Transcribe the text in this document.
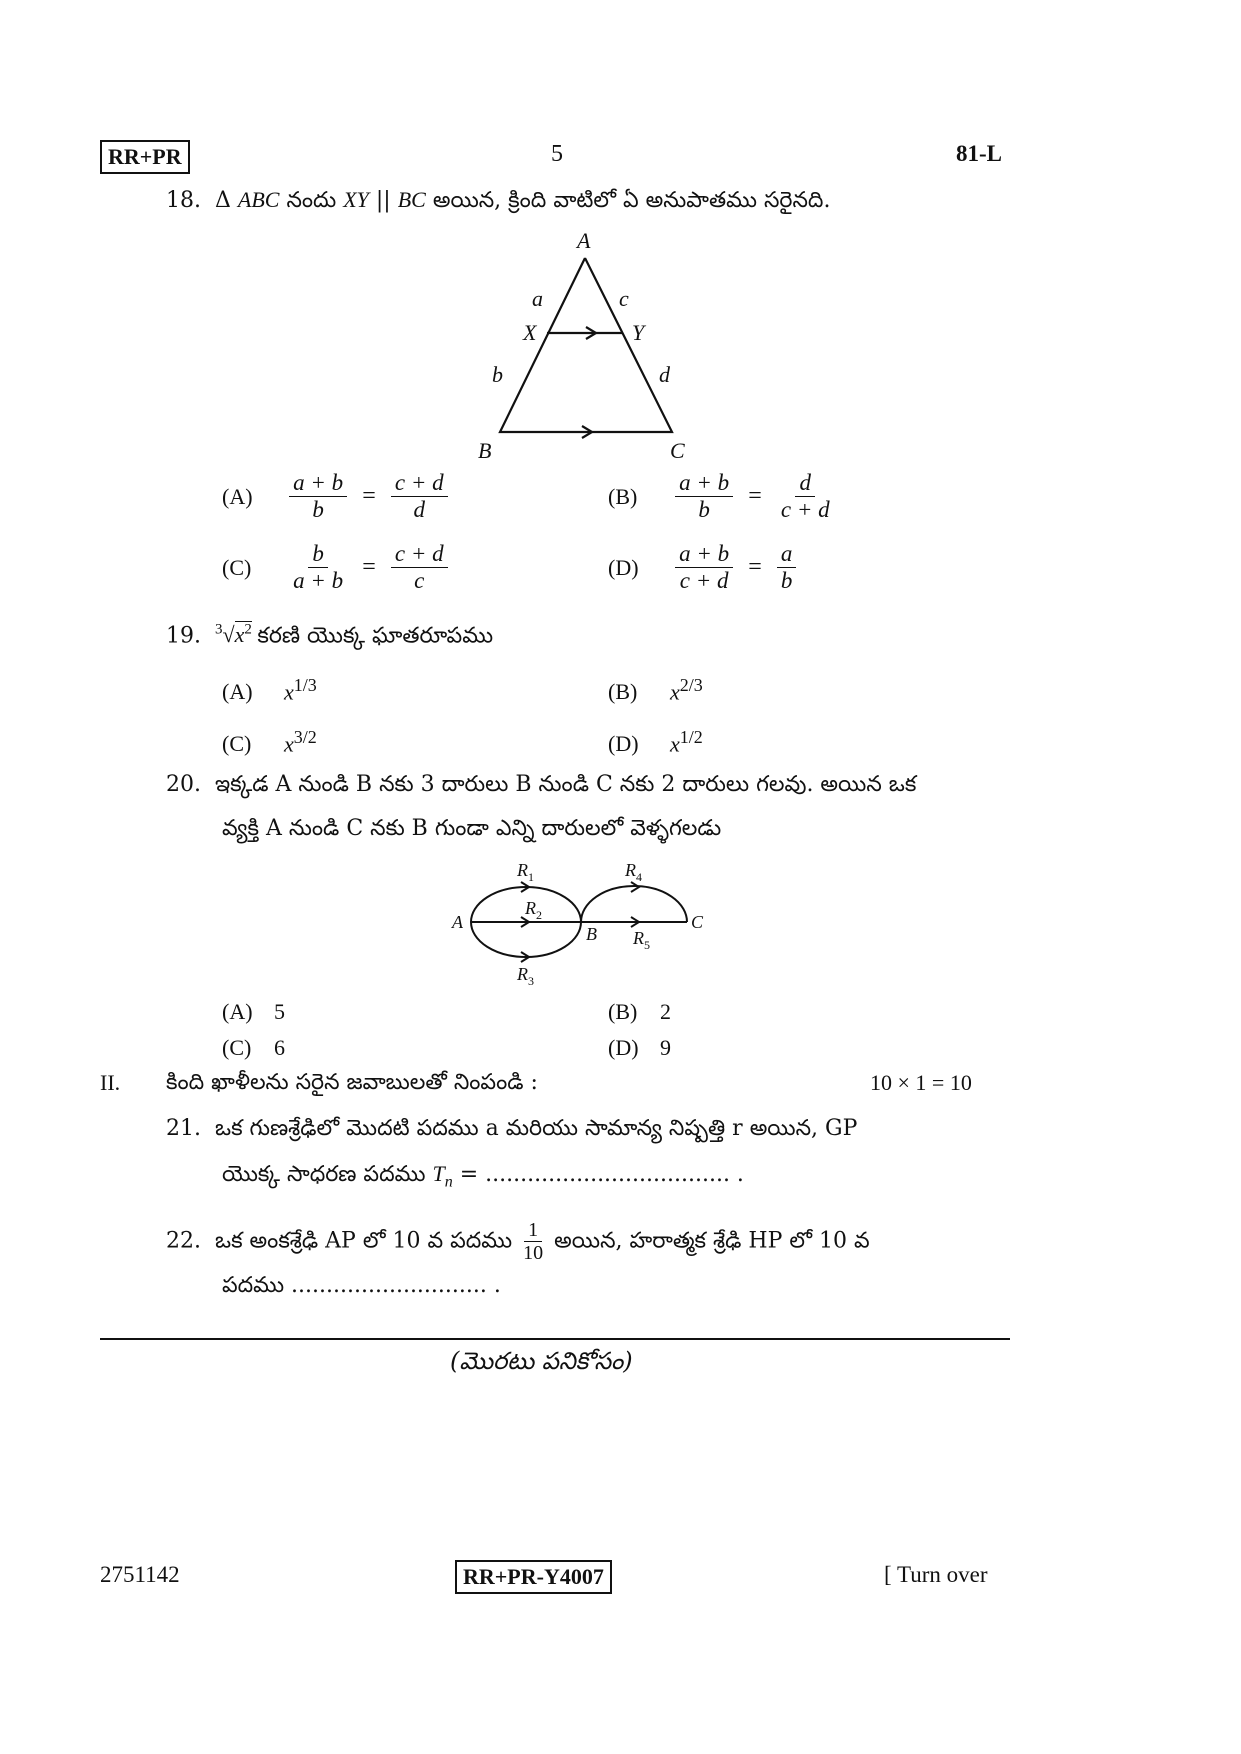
RR+PR	5	81-L
18. Δ ABC నందు XY || BC అయిన, క్రింది వాటిలో ఏ అనుపాతము సరైనది.
A
B	C
X	Y
a
b
c
d
$(A) \frac{a + b}{b} = \frac{c + d}{d}$	$(B) \frac{a + b}{b} = \frac{d}{c + d}$
$(C) \frac{b}{a + b} = \frac{c + d}{c}$	$(D) \frac{a + b}{c + d} = \frac{a}{b}$
19. $^3√x^2$ కరణి యొక్క ఘాతరూపము
(A) $x^{1/3}$	(B) $x^{2/3}$
(C) $x^{3/2}$	(D) $x^{1/2}$
20. ఇక్కడ A నుండి B నకు 3 దారులు B నుండి C నకు 2 దారులు గలవు. అయిన ఒక
వ్యక్తి A నుండి C నకు B గుండా ఎన్ని దారులలో వెళ్ళగలడు
A
B
C
$R_1$
$R_2$
$R_3$
$R_4$
$R_5$
(A) 5	(B) 2
(C) 6	(D) 9
II. కింది ఖాళీలను సరైన జవాబులతో నింపండి :	10 × 1 = 10
21. ఒక గుణశ్రేఢిలో మొదటి పదము a మరియు సామాన్య నిష్పత్తి r అయిన, GP
యొక్క సాధరణ పదము $T_n$ = ................................... .
22. ఒక అంకశ్రేఢి AP లో 10 వ పదము $\frac{1}{10}$ అయిన, హరాత్మక శ్రేఢి HP లో 10 వ
పదము ............................ .
(మొరటు పనికోసం)
2751142	RR+PR-Y4007	[ Turn over
